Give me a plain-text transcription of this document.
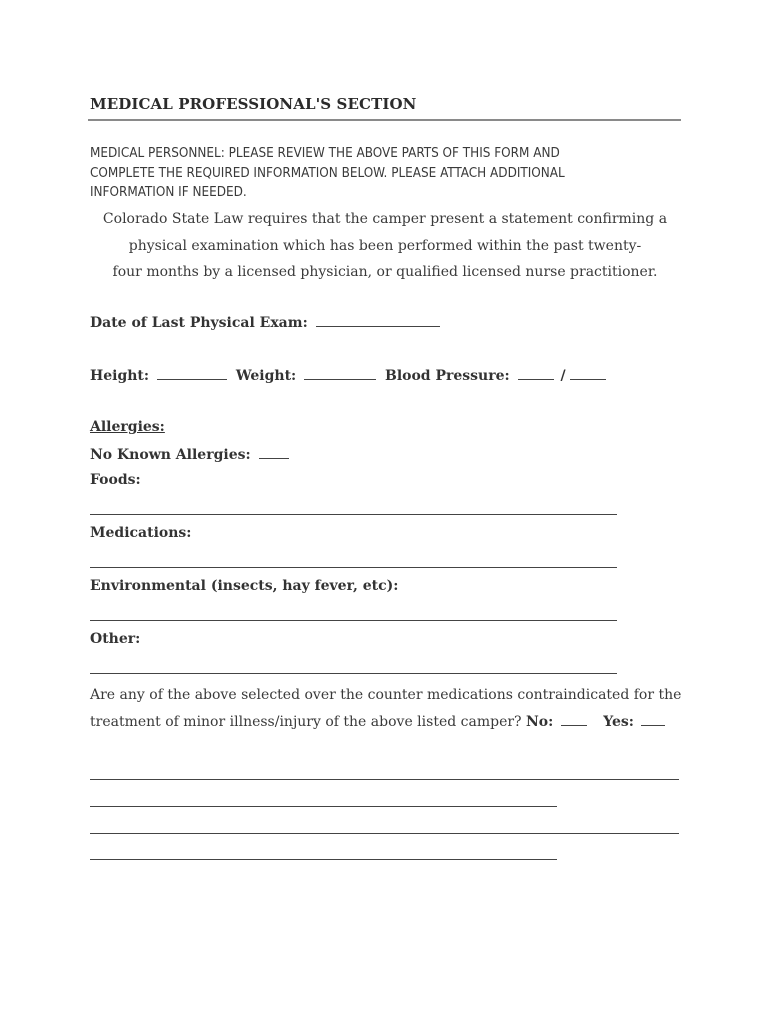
MEDICAL PROFESSIONAL'S SECTION
MEDICAL PERSONNEL: PLEASE REVIEW THE ABOVE PARTS OF THIS FORM AND
COMPLETE THE REQUIRED INFORMATION BELOW. PLEASE ATTACH ADDITIONAL
INFORMATION IF NEEDED.
Colorado State Law requires that the camper present a statement confirming a
physical examination which has been performed within the past twenty-
four months by a licensed physician, or qualified licensed nurse practitioner.
Date of Last Physical Exam:
Height:	Weight:	Blood Pressure:	/
Allergies:
No Known Allergies:
Foods:
Medications:
Environmental (insects, hay fever, etc):
Other:
Are any of the above selected over the counter medications contraindicated for the
treatment of minor illness/injury of the above listed camper? No:	Yes:
